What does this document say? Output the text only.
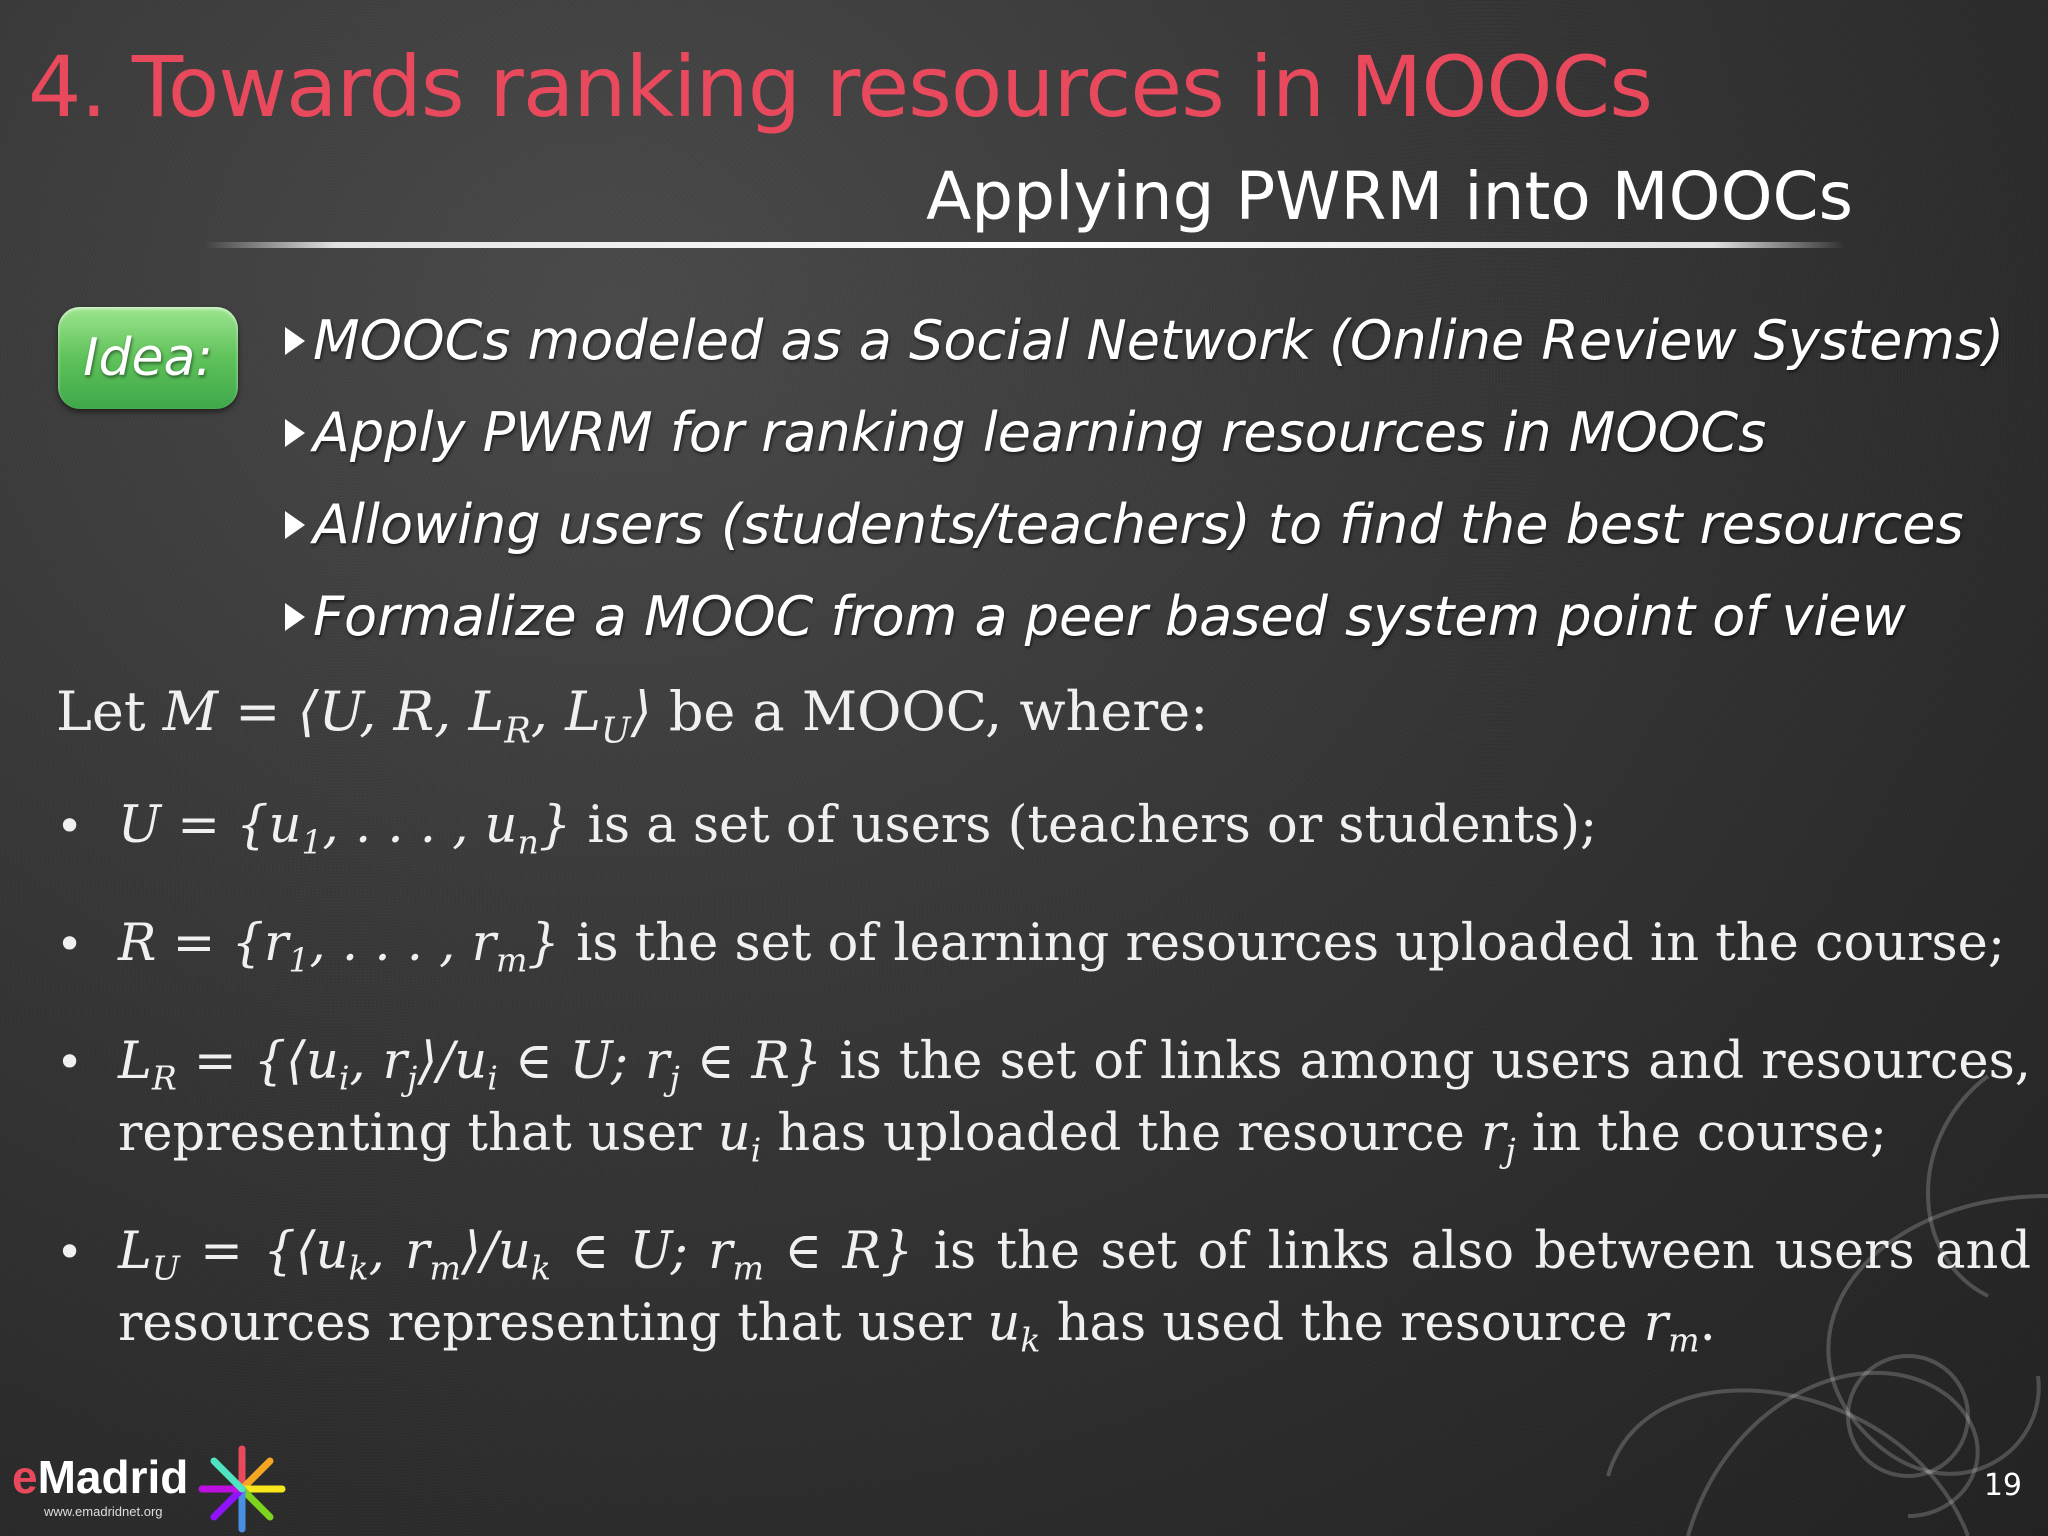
4. Towards ranking resources in MOOCs
Applying PWRM into MOOCs
Idea: MOOCs modeled as a Social Network (Online Review Systems)
Apply PWRM for ranking learning resources in MOOCs
Allowing users (students/teachers) to find the best resources
Formalize a MOOC from a peer based system point of view
Let M = ⟨U, R, $L_R$, $L_U⟩$ be a MOOC, where:
• $U = \{u_1$, . . . , $u_n$} is a set of users (teachers or students);
• $R = \{r_1$, . . . , $r_m$} is the set of learning resources uploaded in the course;
• $L_R$ = {$⟨u_i$, $r_j⟩/u_i$ ∈ U; $r_j$ ∈ R} is the set of links among users and resources, representing that user $u_i$ has uploaded the resource $r_j$ in the course;
• $L_U$ = {$⟨u_k$, $r_m⟩/u_k$ ∈ U; $r_m$ ∈ R} is the set of links also between users and resources representing that user $u_k$ has used the resource $r_m$.
eMadrid
www.emadridnet.org
19
